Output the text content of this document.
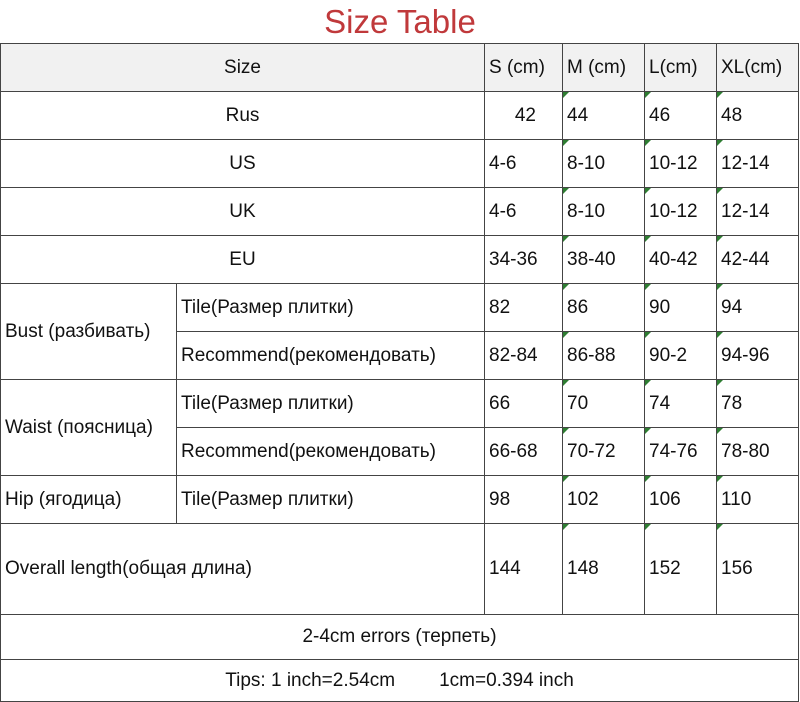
Size Table
Size		S (cm)	M (cm)	L(cm)	XL(cm)
Rus		42	44	46	48

US		4-6	8-10	10-12	12-14

UK		4-6	8-10	10-12	12-14

EU		34-36	38-40	40-42	42-44

Bust (разбивать)	Tile(Размер плитки)	82	86	90	94

	Recommend(рекомендовать)	82-84	86-88	90-2	94-96

Waist (поясница)	Tile(Размер плитки)	66	70	74	78

	Recommend(рекомендовать)	66-68	70-72	74-76	78-80

Hip (ягодица)	Tile(Размер плитки)	98	102	106	110

Overall length(общая длина)		144	148	152	156

2-4cm errors (терпеть)					
Tips: 1 inch=2.54cm 1cm=0.394 inch					
